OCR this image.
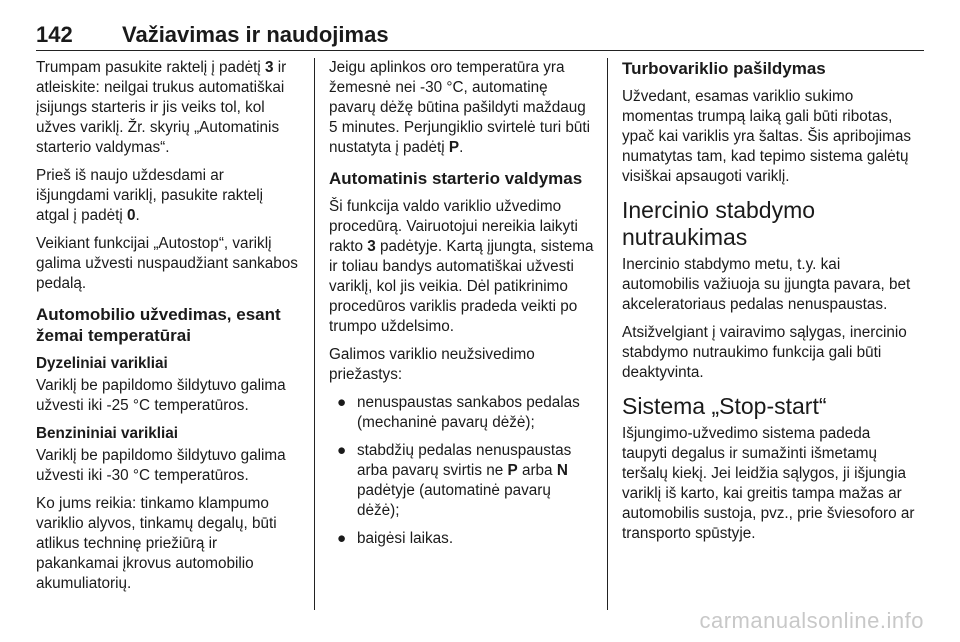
142 Važiavimas ir naudojimas

Trumpam pasukite raktelį į padėtį 3 ir atleiskite: neilgai trukus automatiškai įsijungs starteris ir jis veiks tol, kol užves variklį. Žr. skyrių „Automatinis starterio valdymas“.

Prieš iš naujo uždesdami ar išjungdami variklį, pasukite raktelį atgal į padėtį 0.

Veikiant funkcijai „Autostop“, variklį galima užvesti nuspaudžiant sankabos pedalą.

Automobilio užvedimas, esant žemai temperatūrai
Dyzeliniai varikliai

Variklį be papildomo šildytuvo galima užvesti iki -25 °C temperatūros.

Benzininiai varikliai

Variklį be papildomo šildytuvo galima užvesti iki -30 °C temperatūros.

Ko jums reikia: tinkamo klampumo variklio alyvos, tinkamų degalų, būti atlikus techninę priežiūrą ir pakankamai įkrovus automobilio akumuliatorių.

Jeigu aplinkos oro temperatūra yra žemesnė nei -30 °C, automatinę pavarų dėžę būtina pašildyti maždaug 5 minutes. Perjungiklio svirtelė turi būti nustatyta į padėtį P.

Automatinis starterio valdymas

Ši funkcija valdo variklio užvedimo procedūrą. Vairuotojui nereikia laikyti rakto 3 padėtyje. Kartą įjungta, sistema ir toliau bandys automatiškai užvesti variklį, kol jis veikia. Dėl patikrinimo procedūros variklis pradeda veikti po trumpo uždelsimo.

Galimos variklio neužsivedimo priežastys:

● nenuspaustas sankabos pedalas (mechaninė pavarų dėžė);
● stabdžių pedalas nenuspaustas arba pavarų svirtis ne P arba N padėtyje (automatinė pavarų dėžė);
● baigėsi laikas.
Turbovariklio pašildymas

Užvedant, esamas variklio sukimo momentas trumpą laiką gali būti ribotas, ypač kai variklis yra šaltas. Šis apribojimas numatytas tam, kad tepimo sistema galėtų visiškai apsaugoti variklį.

Inercinio stabdymo nutraukimas

Inercinio stabdymo metu, t.y. kai automobilis važiuoja su įjungta pavara, bet akceleratoriaus pedalas nenuspaustas.

Atsižvelgiant į vairavimo sąlygas, inercinio stabdymo nutraukimo funkcija gali būti deaktyvinta.

Sistema „Stop-start“

Išjungimo-užvedimo sistema padeda taupyti degalus ir sumažinti išmetamų teršalų kiekį. Jei leidžia sąlygos, ji išjungia variklį iš karto, kai greitis tampa mažas ar automobilis sustoja, pvz., prie šviesoforo ar transporto spūstyje.

carmanualsonline.info
